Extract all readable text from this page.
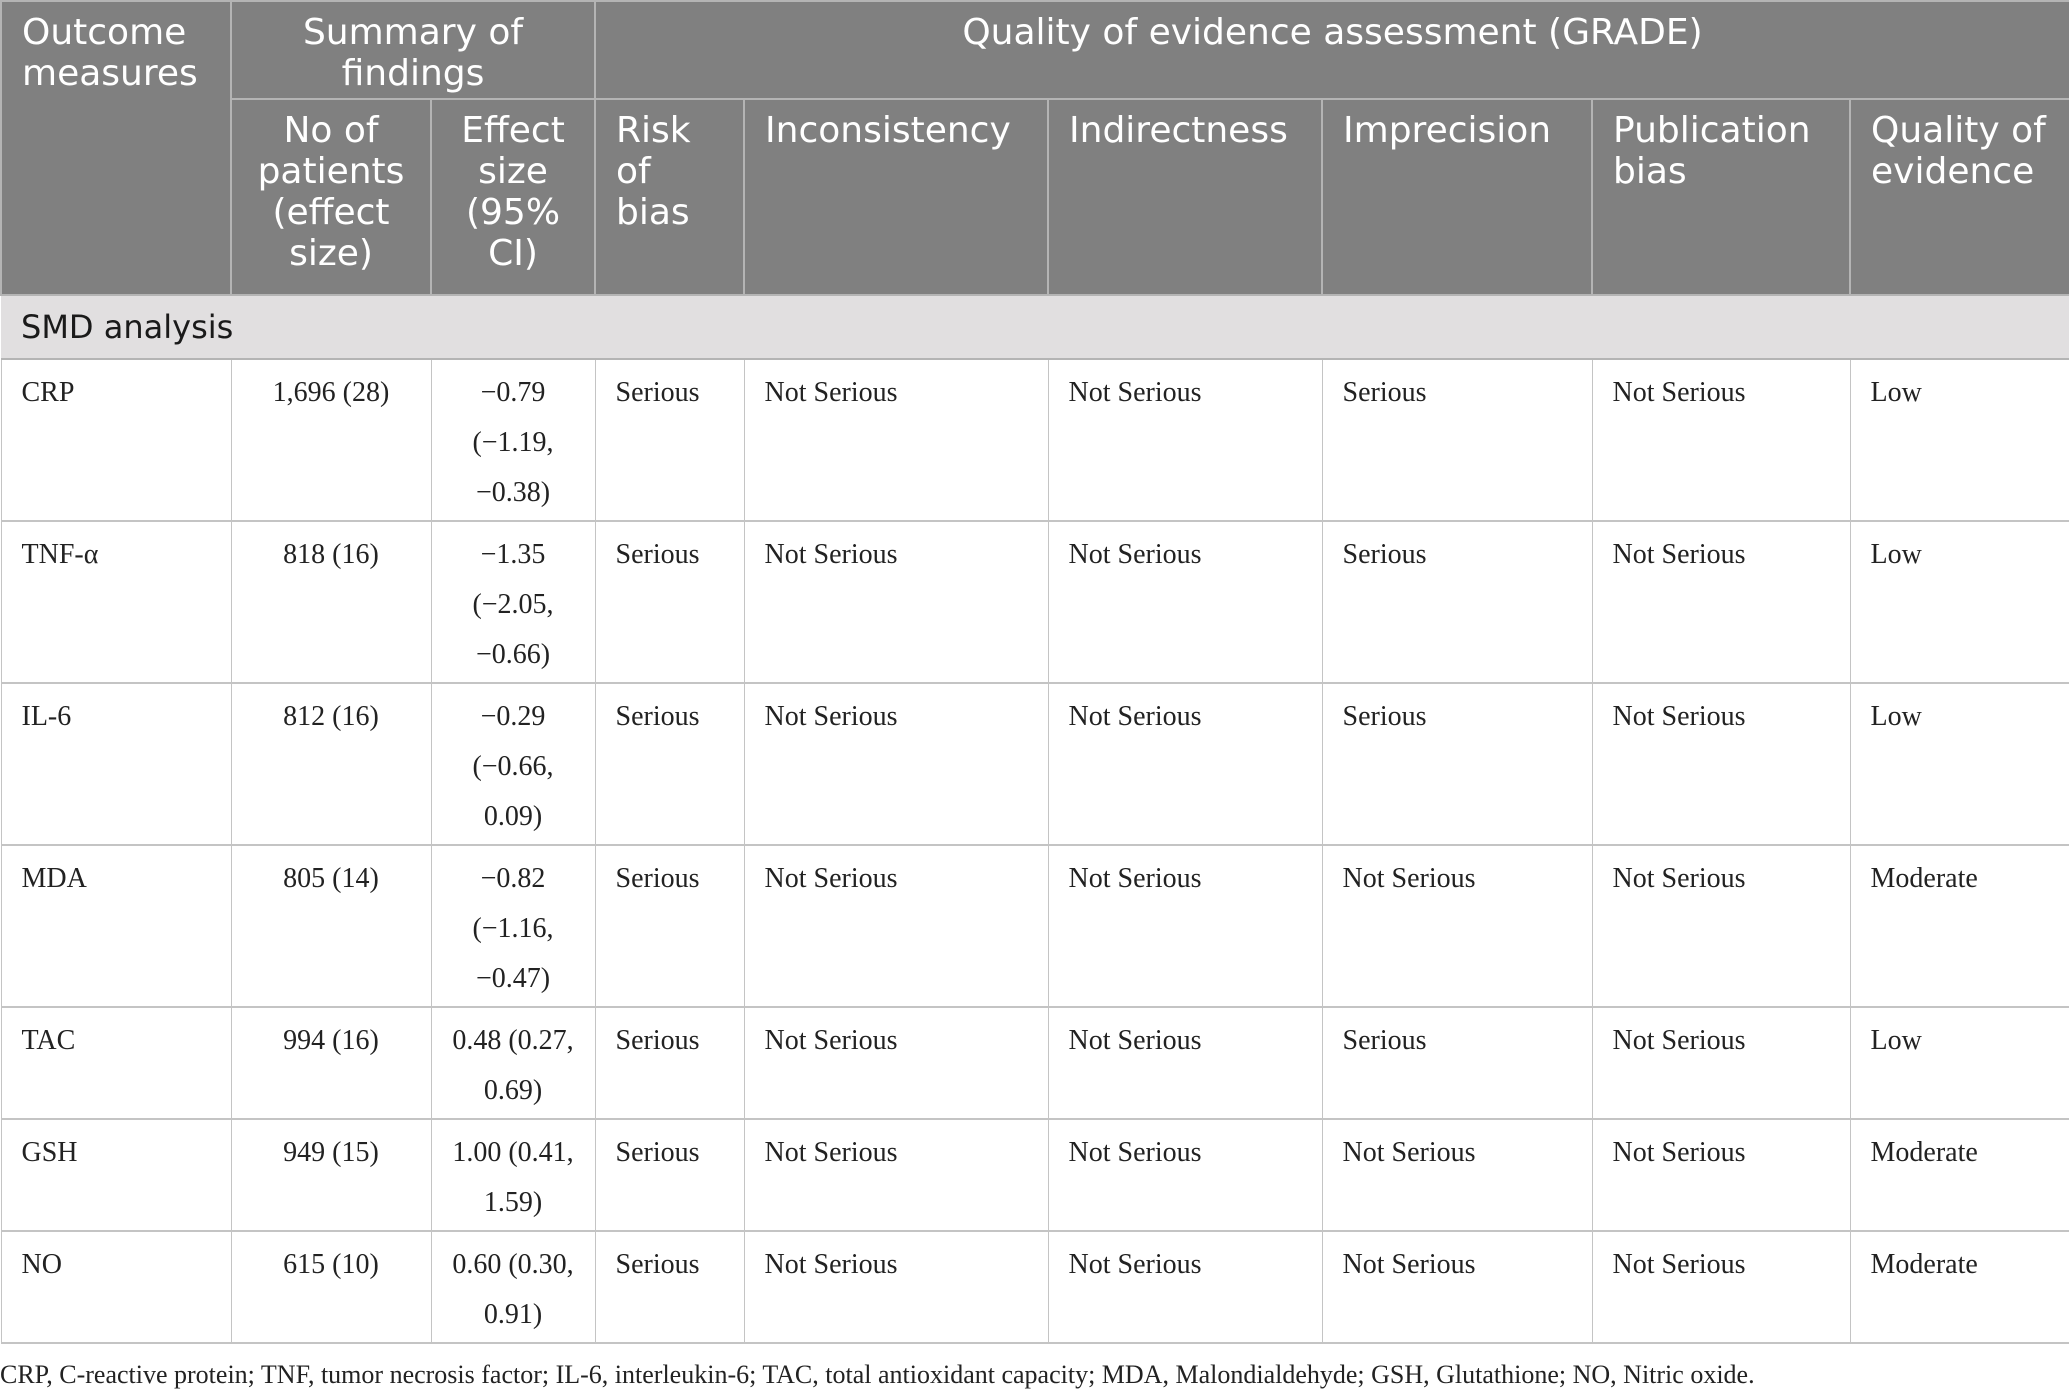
Outcome measures	Summary of findings		Quality of evidence assessment (GRADE)					
	No of patients (effect size)	Effect size (95% CI)	Risk of bias	Inconsistency	Indirectness	Imprecision	Publication bias	Quality of evidence
SMD analysis								
CRP	1,696 (28)	−0.79 (−1.19, −0.38)	Serious	Not Serious	Not Serious	Serious	Not Serious	Low
TNF-α	818 (16)	−1.35 (−2.05, −0.66)	Serious	Not Serious	Not Serious	Serious	Not Serious	Low
IL-6	812 (16)	−0.29 (−0.66, 0.09)	Serious	Not Serious	Not Serious	Serious	Not Serious	Low
MDA	805 (14)	−0.82 (−1.16, −0.47)	Serious	Not Serious	Not Serious	Not Serious	Not Serious	Moderate
TAC	994 (16)	0.48 (0.27, 0.69)	Serious	Not Serious	Not Serious	Serious	Not Serious	Low
GSH	949 (15)	1.00 (0.41, 1.59)	Serious	Not Serious	Not Serious	Not Serious	Not Serious	Moderate
NO	615 (10)	0.60 (0.30, 0.91)	Serious	Not Serious	Not Serious	Not Serious	Not Serious	Moderate
CRP, C-reactive protein; TNF, tumor necrosis factor; IL-6, interleukin-6; TAC, total antioxidant capacity; MDA, Malondialdehyde; GSH, Glutathione; NO, Nitric oxide.
